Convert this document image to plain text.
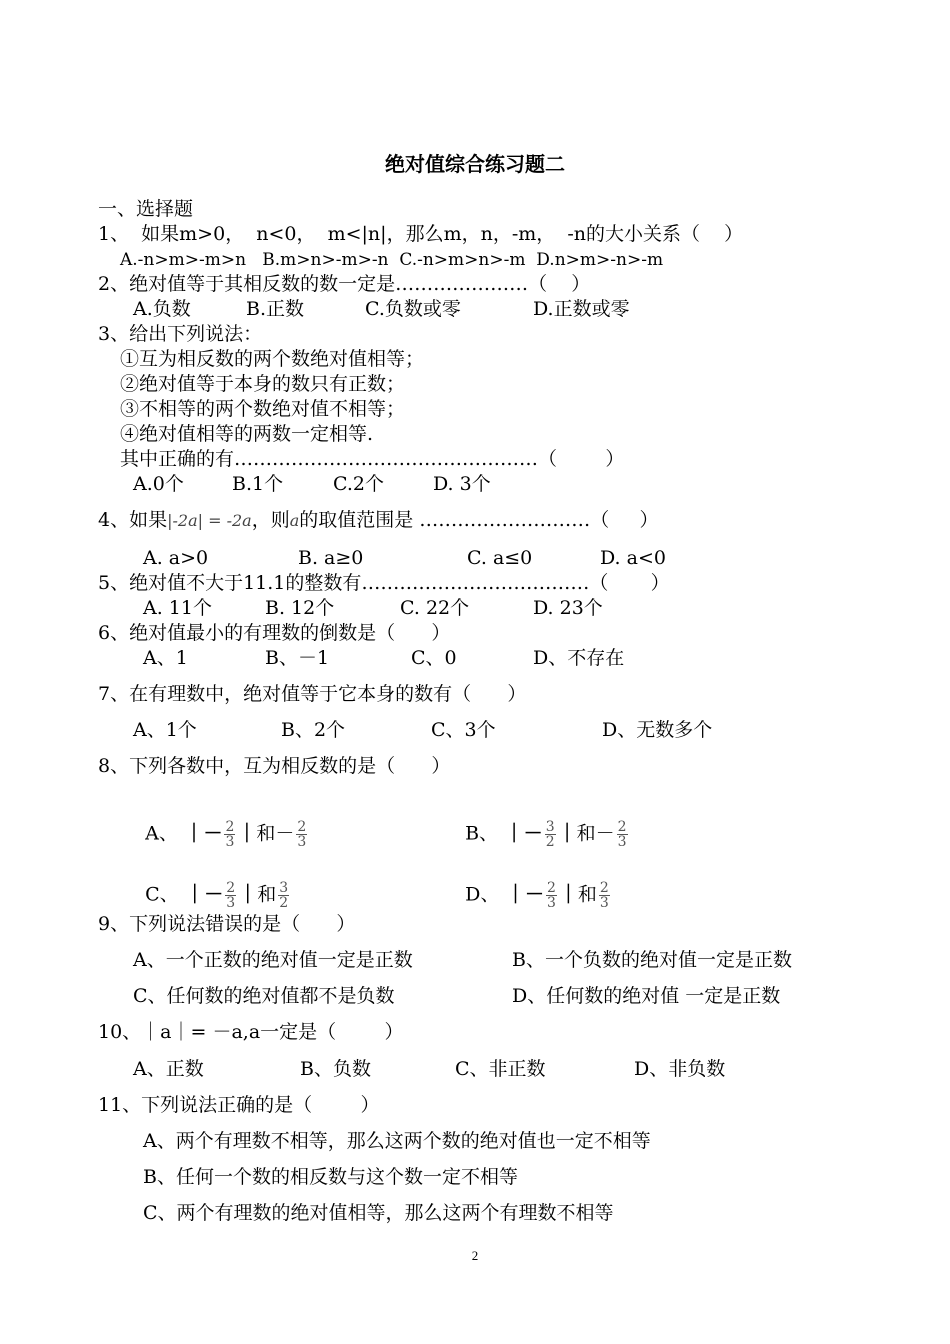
绝对值综合练习题二
一、选择题
1、  如果m>0，  n<0，  m<|n|，那么m，n，-m，  -n的大小关系（    ）
A.-n>m>-m>n   B.m>n>-m>-n  C.-n>m>n>-m  D.n>m>-n>-m
2、绝对值等于其相反数的数一定是…………………（    ）
A.负数	B.正数	C.负数或零	D.正数或零
3、给出下列说法：
①互为相反数的两个数绝对值相等；
②绝对值等于本身的数只有正数；
③不相等的两个数绝对值不相等；
④绝对值相等的两数一定相等.
其中正确的有…………………………………………（        ）
A.0个	B.1个	C.2个	D. 3个
4、如果|-2a| = -2a，则a的取值范围是 ………………………（     ）
A. a>0	B. a≥0	C. a≤0	D. a<0
5、绝对值不大于11.1的整数有………………………………（       ）
A. 11个	B. 12个	C. 22个	D. 23个
6、绝对值最小的有理数的倒数是（      ）
A、1	B、－1	C、0	D、不存在
7、在有理数中，绝对值等于它本身的数有（      ）
A、1个	B、2个	C、3个	D、无数多个
8、下列各数中，互为相反数的是（      ）

A、 ｜－ $\frac{2}{3}$ ｜和－ $\frac{2}{3}$	B、 ｜－ $\frac{3}{2}$ ｜和－ $\frac{2}{3}$

C、 ｜－ $\frac{2}{3}$ ｜和 $\frac{3}{2}$	D、 ｜－ $\frac{2}{3}$ ｜和 $\frac{2}{3}$

9、下列说法错误的是（      ）
A、一个正数的绝对值一定是正数	B、一个负数的绝对值一定是正数
C、任何数的绝对值都不是负数	D、任何数的绝对值 一定是正数
10、｜a｜= －a,a一定是（        ）
A、正数	B、负数	C、非正数	D、非负数
11、下列说法正确的是（        ）
A、两个有理数不相等，那么这两个数的绝对值也一定不相等
B、任何一个数的相反数与这个数一定不相等
C、两个有理数的绝对值相等，那么这两个有理数不相等
2
